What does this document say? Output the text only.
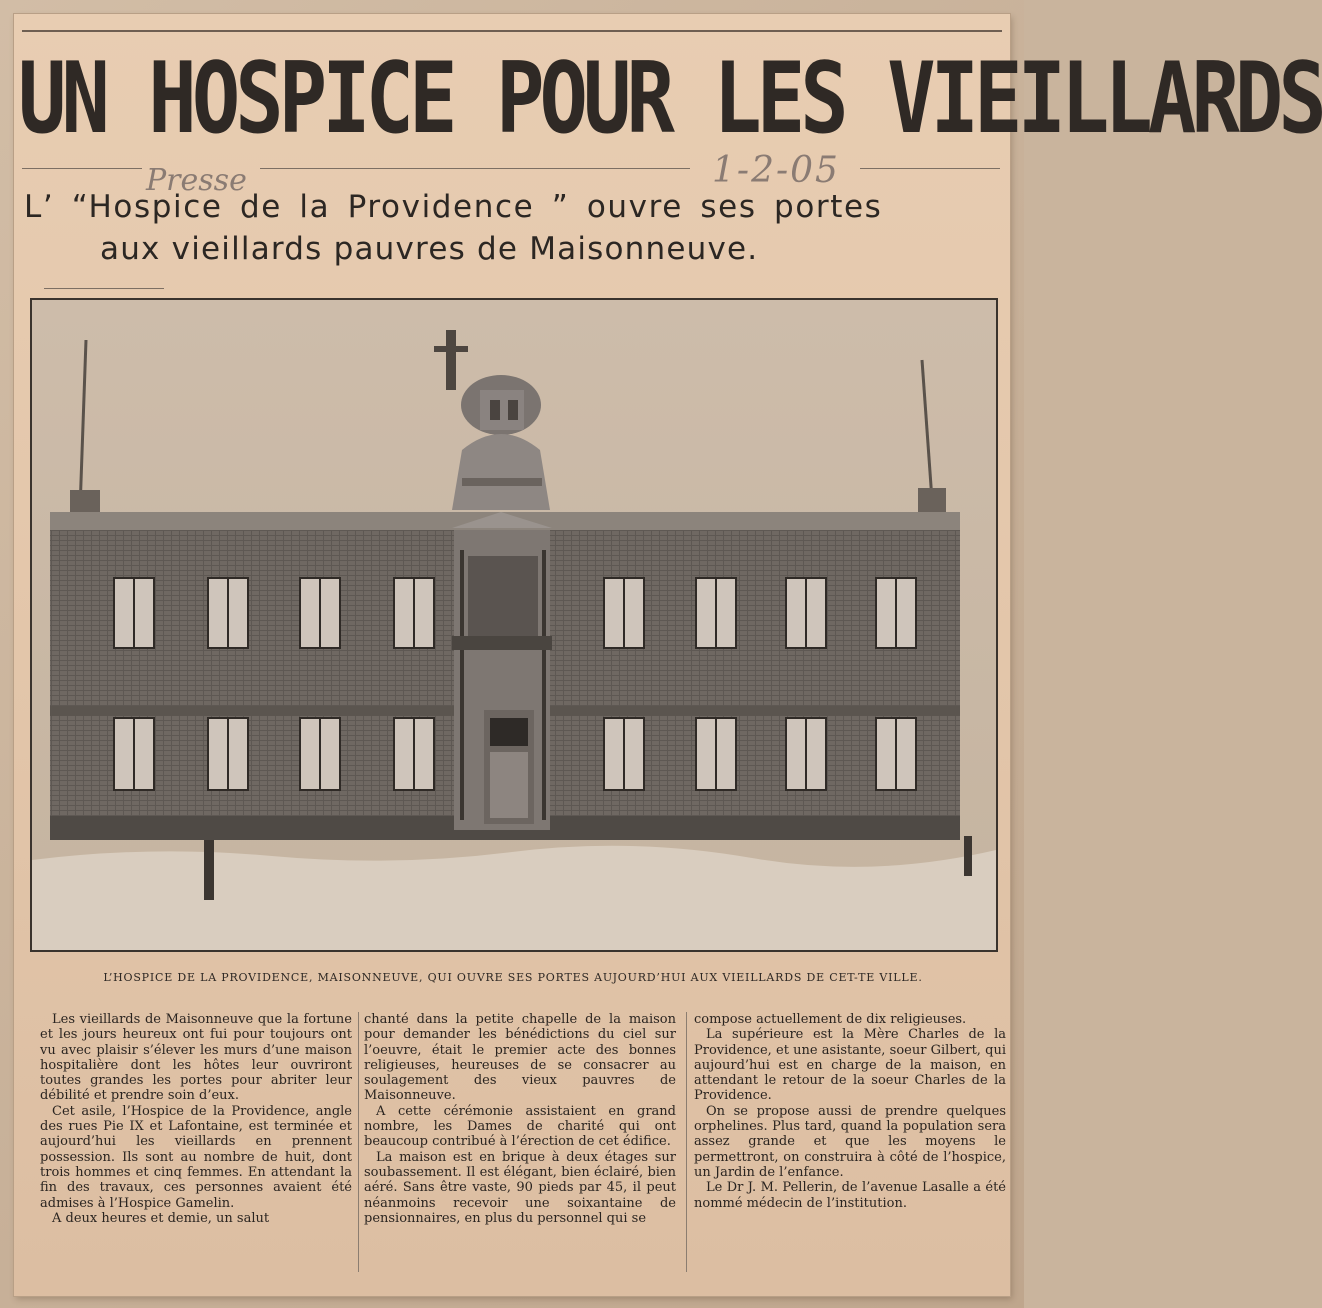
UN HOSPICE POUR LES VIEILLARDS
Presse	1-2-05
L’ “Hospice de la Providence ” ouvre ses portes
aux vieillards pauvres de Maisonneuve.
L’HOSPICE DE LA PROVIDENCE, MAISONNEUVE, QUI OUVRE SES PORTES AUJOURD’HUI AUX VIEILLARDS DE CET-TE VILLE.

Les vieillards de Maisonneuve que la fortune et les jours heureux ont fui pour toujours ont vu avec plaisir s’élever les murs d’une maison hospitalière dont les hôtes leur ouvriront toutes grandes les portes pour abriter leur débilité et prendre soin d’eux.

Cet asile, l’Hospice de la Providence, angle des rues Pie IX et Lafontaine, est terminée et aujourd’hui les vieillards en prennent possession. Ils sont au nombre de huit, dont trois hommes et cinq femmes. En attendant la fin des travaux, ces personnes avaient été admises à l’Hospice Gamelin.

A deux heures et demie, un salut

chanté dans la petite chapelle de la maison pour demander les bénédictions du ciel sur l’oeuvre, était le premier acte des bonnes religieuses, heureuses de se consacrer au soulagement des vieux pauvres de Maisonneuve.

A cette cérémonie assistaient en grand nombre, les Dames de charité qui ont beaucoup contribué à l’érection de cet édifice.

La maison est en brique à deux étages sur soubassement. Il est élégant, bien éclairé, bien aéré. Sans être vaste, 90 pieds par 45, il peut néanmoins recevoir une soixantaine de pensionnaires, en plus du personnel qui se

compose actuellement de dix religieuses.

La supérieure est la Mère Charles de la Providence, et une asistante, soeur Gilbert, qui aujourd’hui est en charge de la maison, en attendant le retour de la soeur Charles de la Providence.

On se propose aussi de prendre quelques orphelines. Plus tard, quand la population sera assez grande et que les moyens le permettront, on construira à côté de l’hospice, un Jardin de l’enfance.

Le Dr J. M. Pellerin, de l’avenue Lasalle a été nommé médecin de l’institution.
